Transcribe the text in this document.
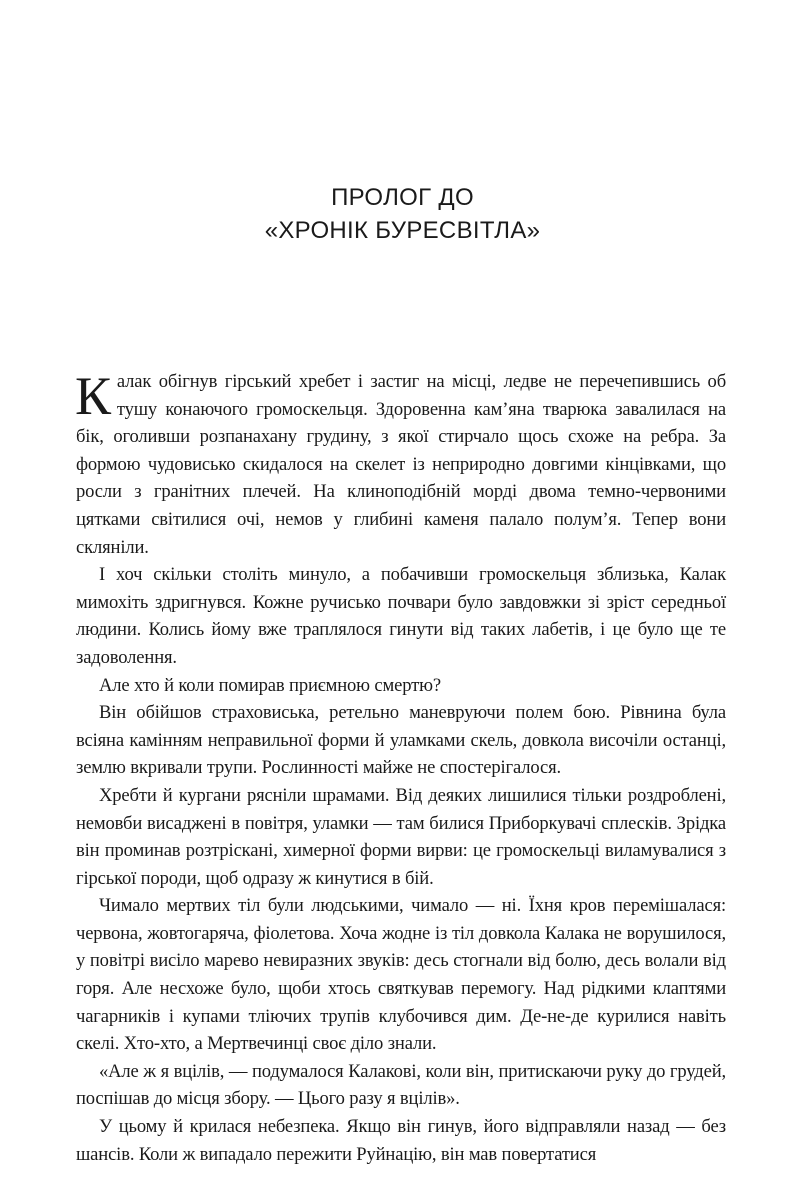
ПРОЛОГ ДО
«ХРОНІК БУРЕСВІТЛА»

Калак обігнув гірський хребет і застиг на місці, ледве не перечепившись об тушу конаючого громоскельця. Здоровенна кам’яна тварюка завалилася на бік, оголивши розпанахану грудину, з якої стирчало щось схоже на ребра. За формою чудовисько скидалося на скелет із неприродно довгими кінцівками, що росли з гранітних плечей. На клиноподібній морді двома темно-червоними цятками світилися очі, немов у глибині каменя палало полум’я. Тепер вони скляніли.

І хоч скільки століть минуло, а побачивши громоскельця зблизька, Калак мимохіть здригнувся. Кожне ручисько почвари було завдовжки зі зріст середньої людини. Колись йому вже траплялося гинути від таких лабетів, і це було ще те задоволення.

Але хто й коли помирав приємною смертю?

Він обійшов страховиська, ретельно маневруючи полем бою. Рівнина була всіяна камінням неправильної форми й уламками скель, довкола височіли останці, землю вкривали трупи. Рослинності майже не спостерігалося.

Хребти й кургани рясніли шрамами. Від деяких лишилися тільки роздроблені, немовби висаджені в повітря, уламки — там билися Приборкувачі сплесків. Зрідка він проминав розтріскані, химерної форми вирви: це громоскельці виламувалися з гірської породи, щоб одразу ж кинутися в бій.

Чимало мертвих тіл були людськими, чимало — ні. Їхня кров перемішалася: червона, жовтогаряча, фіолетова. Хоча жодне із тіл довкола Калака не ворушилося, у повітрі висіло марево невиразних звуків: десь стогнали від болю, десь волали від горя. Але несхоже було, щоби хтось святкував перемогу. Над рідкими клаптями чагарників і купами тліючих трупів клубочився дим. Де-не-де курилися навіть скелі. Хто-хто, а Мертвечинці своє діло знали.

«Але ж я вцілів, — подумалося Калакові, коли він, притискаючи руку до грудей, поспішав до місця збору. — Цього разу я вцілів».

У цьому й крилася небезпека. Якщо він гинув, його відправляли назад — без шансів. Коли ж випадало пережити Руйнацію, він мав повертатися
